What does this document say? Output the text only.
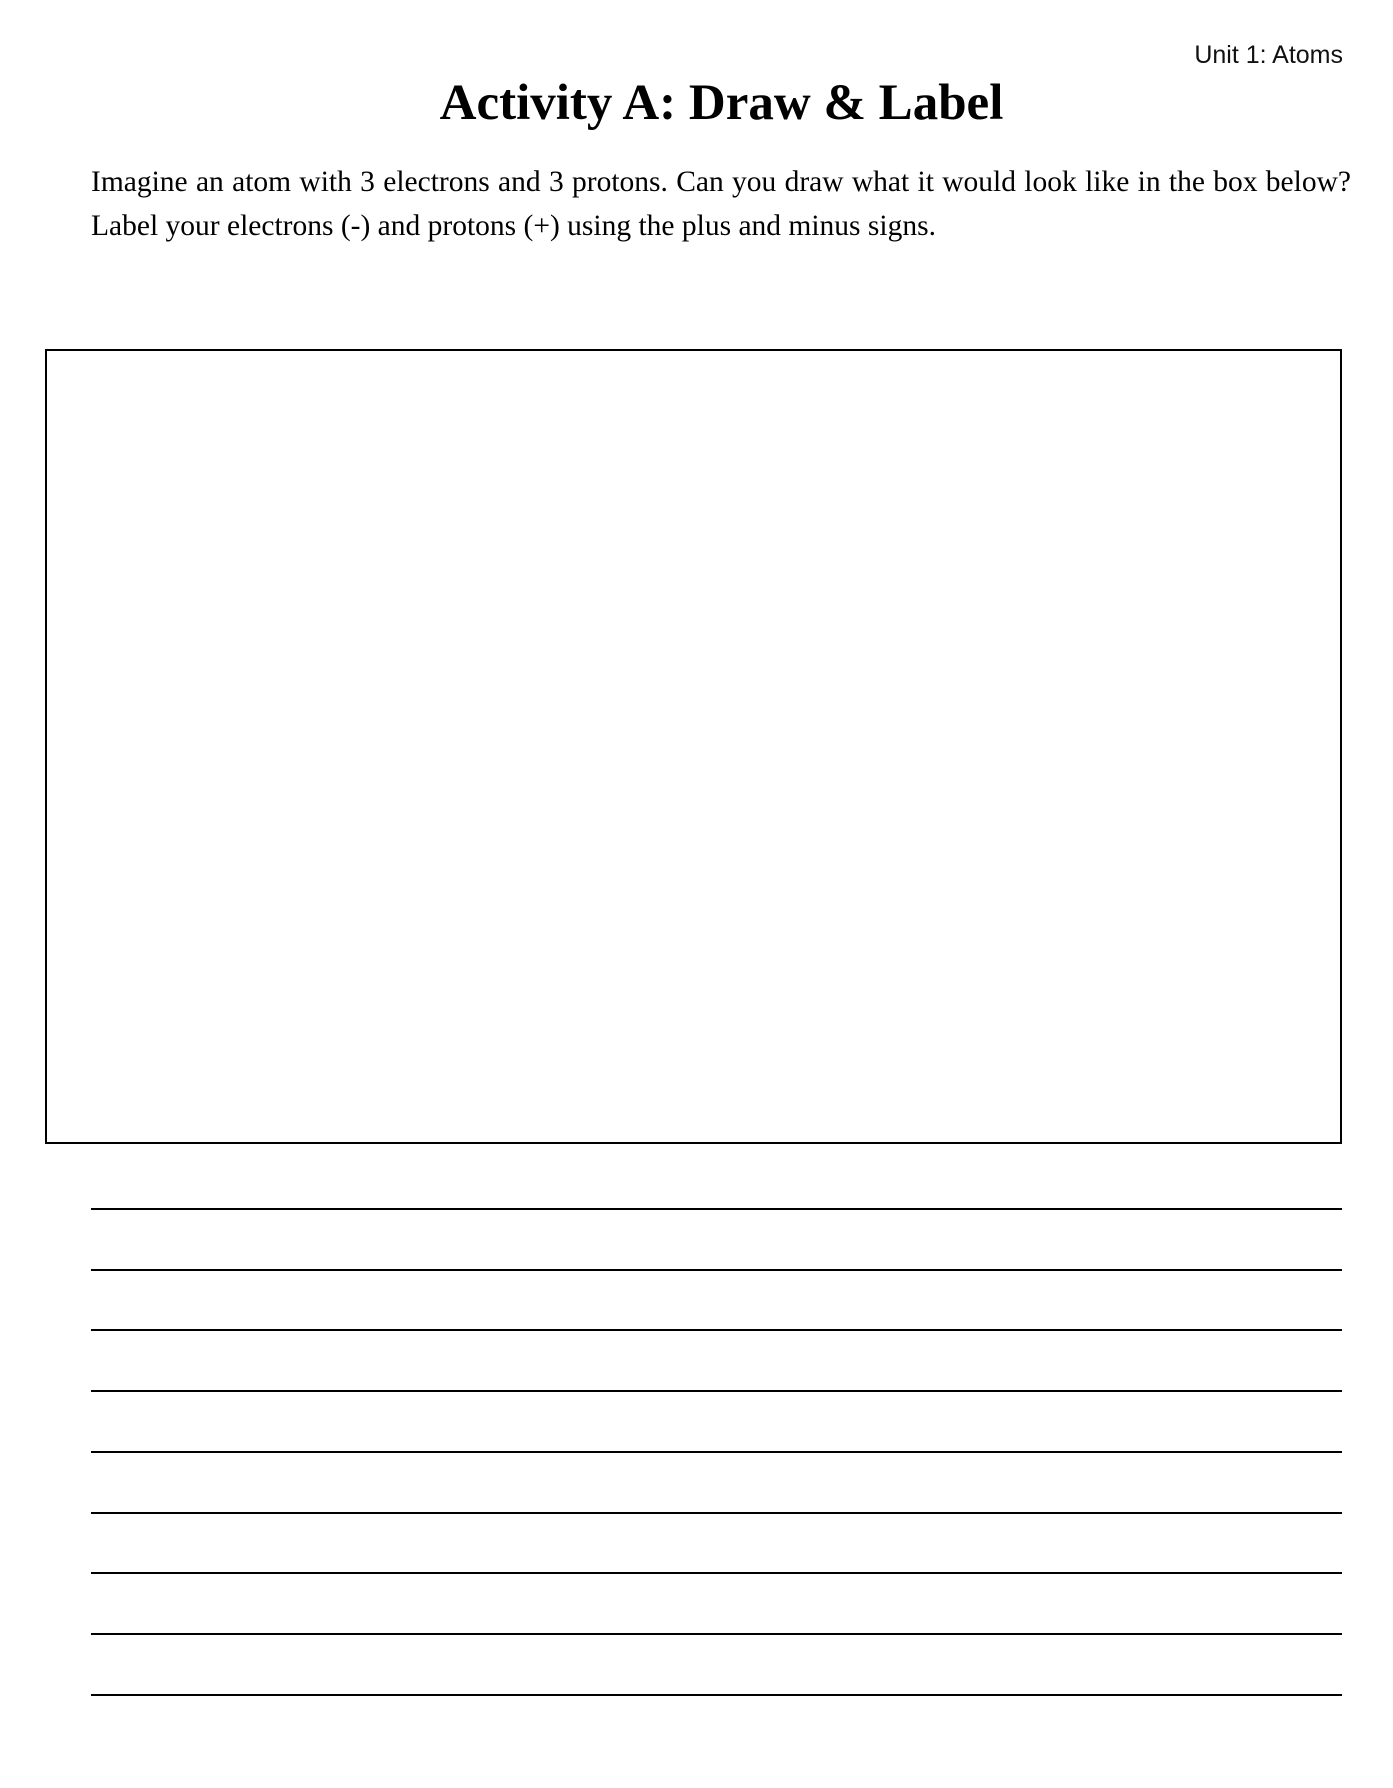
Unit 1: Atoms
Activity A: Draw & Label

Imagine an atom with 3 electrons and 3 protons. Can you draw what it would look like in the box below? Label your electrons (-) and protons (+) using the plus and minus signs.
